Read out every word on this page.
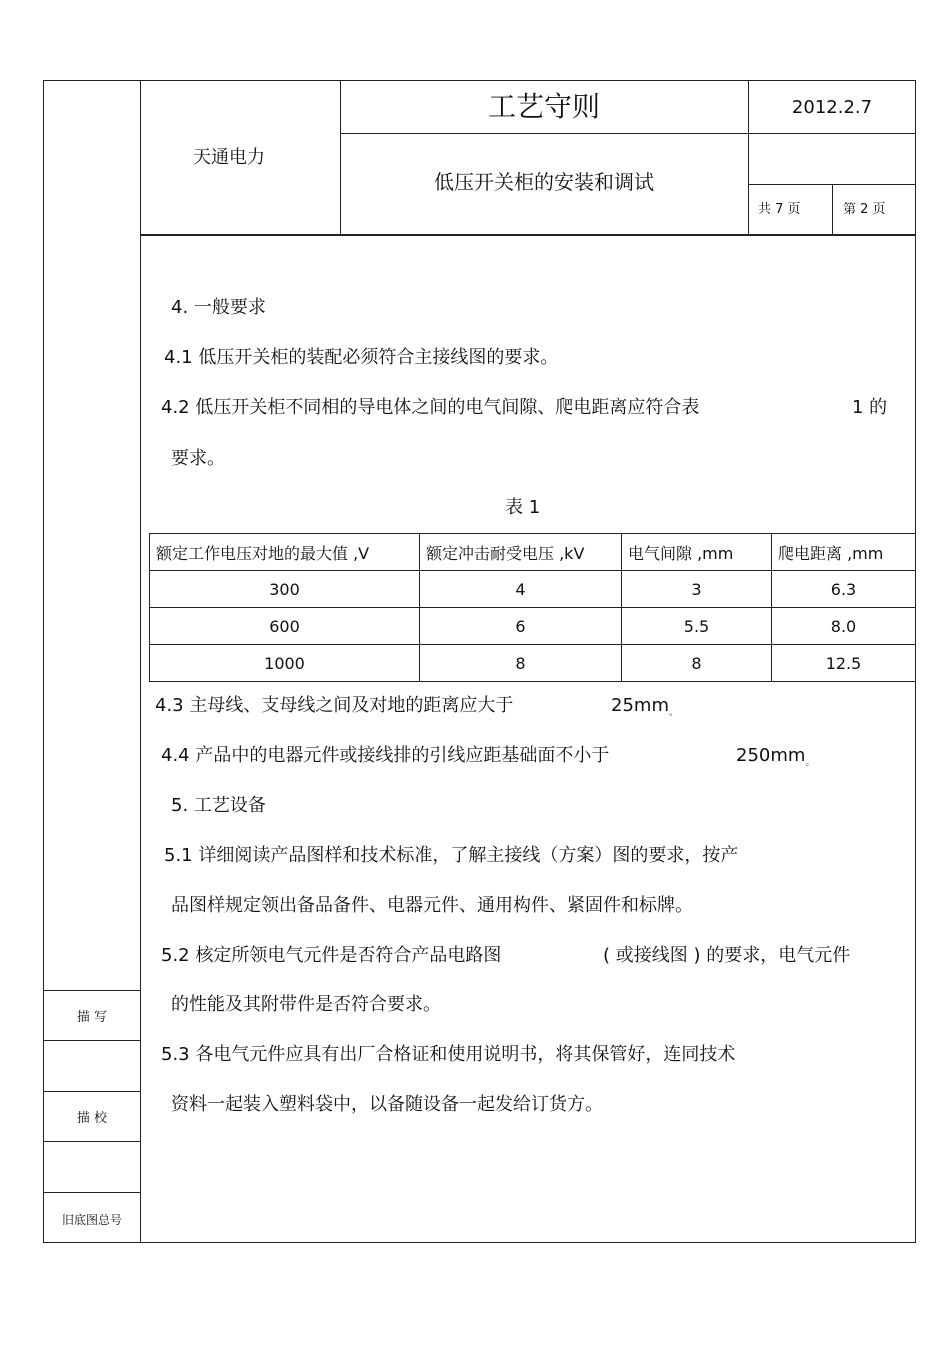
天通电力
工艺守则
低压开关柜的安装和调试
2012.2.7
共 7 页	第 2 页
描 写
描 校
旧底图总号
4. 一般要求
4.1 低压开关柜的装配必须符合主接线图的要求。
4.2 低压开关柜不同相的导电体之间的电气间隙、爬电距离应符合表	1 的
要求。
表 1
额定工作电压对地的最大值 ,V	额定冲击耐受电压 ,kV	电气间隙 ,mm	爬电距离 ,mm
300	4	3	6.3
600	6	5.5	8.0
1000	8	8	12.5
4.3 主母线、支母线之间及对地的距离应大于	$25mm_。$
4.4 产品中的电器元件或接线排的引线应距基础面不小于	$250mm_。$
5. 工艺设备
5.1 详细阅读产品图样和技术标准，了解主接线（方案）图的要求，按产
品图样规定领出备品备件、电器元件、通用构件、紧固件和标牌。
5.2 核定所领电气元件是否符合产品电路图	( 或接线图 ) 的要求，电气元件
的性能及其附带件是否符合要求。
5.3 各电气元件应具有出厂合格证和使用说明书，将其保管好，连同技术
资料一起装入塑料袋中，以备随设备一起发给订货方。
